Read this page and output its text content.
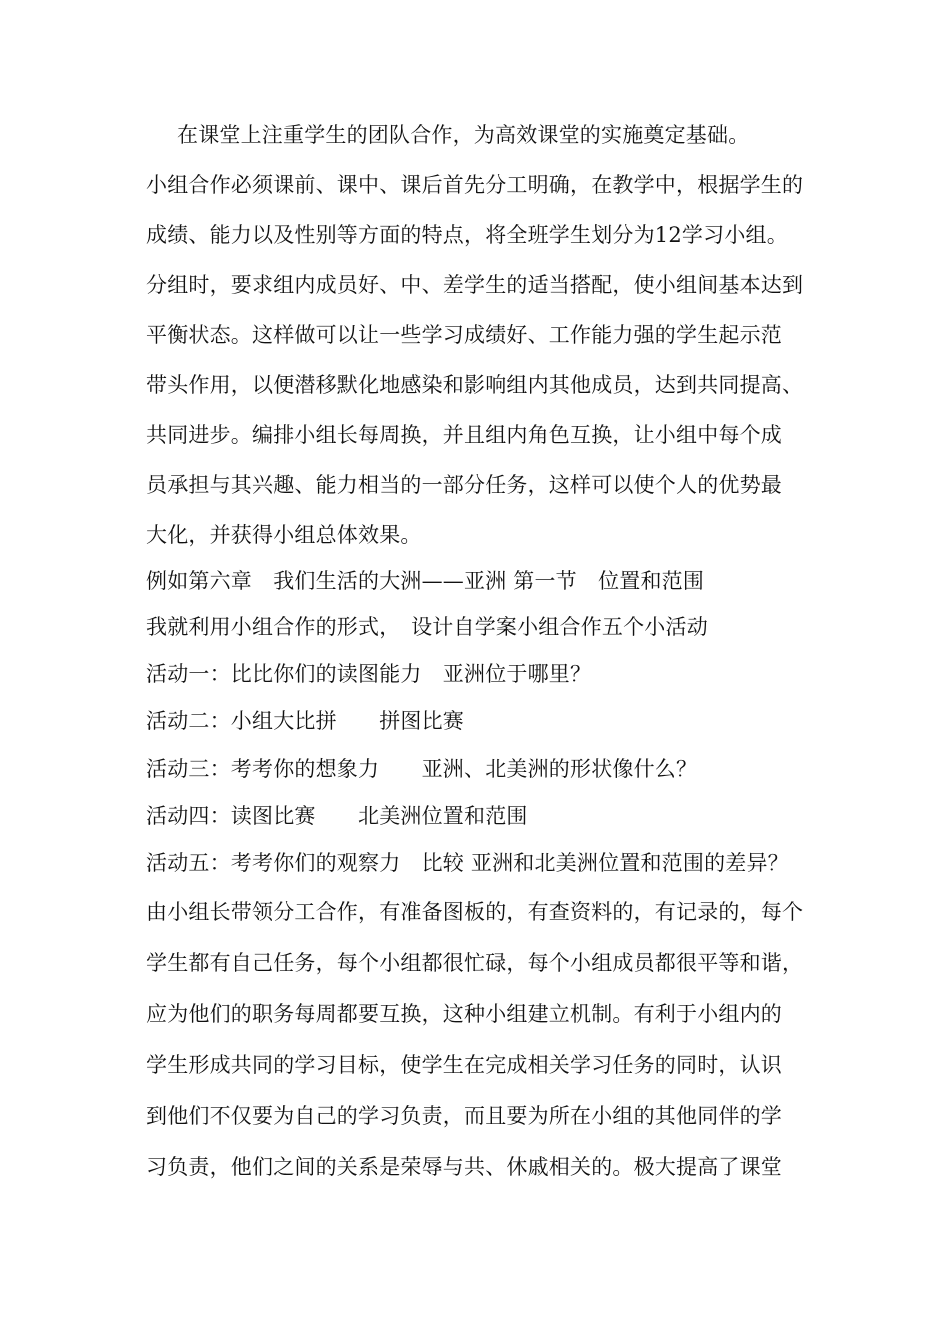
在课堂上注重学生的团队合作，为高效课堂的实施奠定基础。
小组合作必须课前、课中、课后首先分工明确，在教学中，根据学生的
成绩、能力以及性别等方面的特点，将全班学生划分为12学习小组。
分组时，要求组内成员好、中、差学生的适当搭配，使小组间基本达到
平衡状态。这样做可以让一些学习成绩好、工作能力强的学生起示范
带头作用，以便潜移默化地感染和影响组内其他成员，达到共同提高、
共同进步。编排小组长每周换，并且组内角色互换，让小组中每个成
员承担与其兴趣、能力相当的一部分任务，这样可以使个人的优势最
大化，并获得小组总体效果。
例如第六章　我们生活的大洲——亚洲 第一节　位置和范围
我就利用小组合作的形式，　设计自学案小组合作五个小活动
活动一：比比你们的读图能力　亚洲位于哪里？
活动二：小组大比拼　　拼图比赛
活动三：考考你的想象力　　亚洲、北美洲的形状像什么？
活动四：读图比赛　　北美洲位置和范围
活动五：考考你们的观察力　比较 亚洲和北美洲位置和范围的差异？
由小组长带领分工合作，有准备图板的，有查资料的，有记录的，每个
学生都有自己任务，每个小组都很忙碌，每个小组成员都很平等和谐，
应为他们的职务每周都要互换，这种小组建立机制。有利于小组内的
学生形成共同的学习目标，使学生在完成相关学习任务的同时，认识
到他们不仅要为自己的学习负责，而且要为所在小组的其他同伴的学
习负责，他们之间的关系是荣辱与共、休戚相关的。极大提高了课堂
